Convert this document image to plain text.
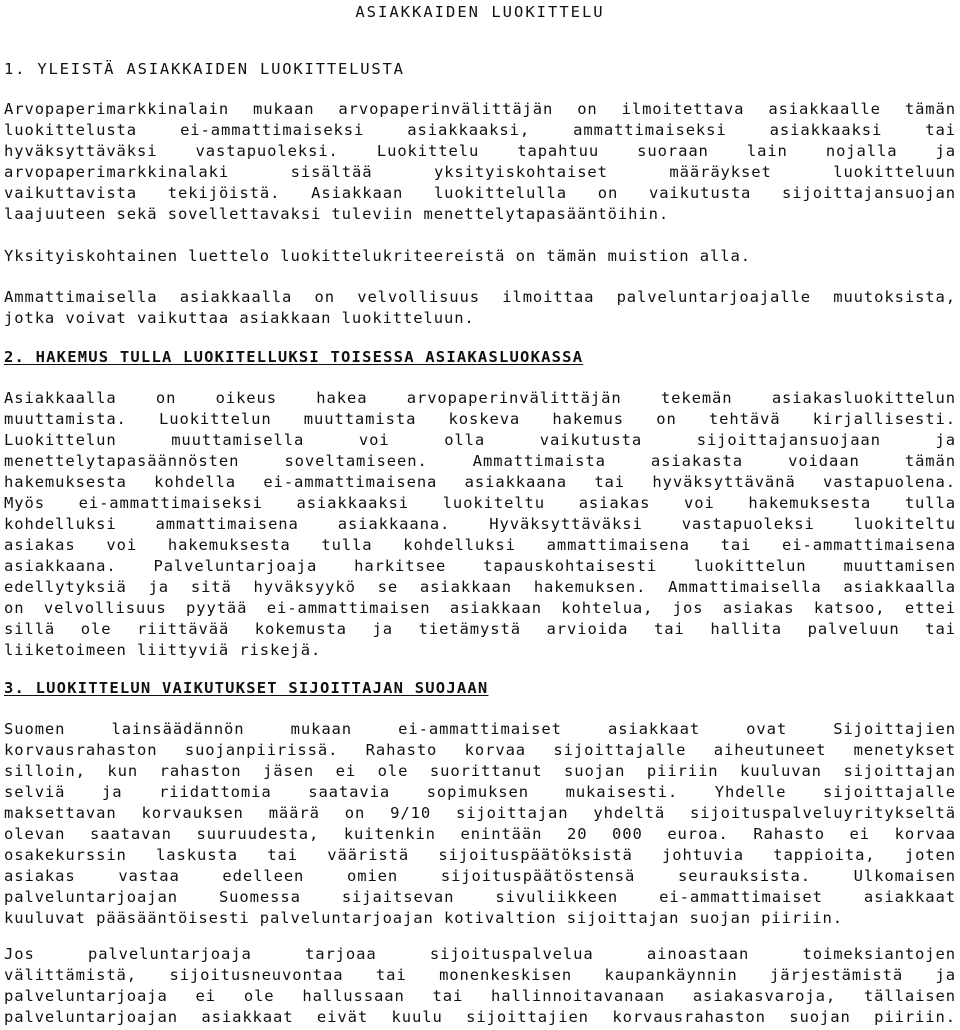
ASIAKKAIDEN LUOKITTELU
1. YLEISTÄ ASIAKKAIDEN LUOKITTELUSTA
Arvopaperimarkkinalain mukaan arvopaperinvälittäjän on ilmoitettava asiakkaalle tämän
luokittelusta ei-ammattimaiseksi asiakkaaksi, ammattimaiseksi asiakkaaksi tai
hyväksyttäväksi vastapuoleksi. Luokittelu tapahtuu suoraan lain nojalla ja
arvopaperimarkkinalaki sisältää yksityiskohtaiset määräykset luokitteluun
vaikuttavista tekijöistä. Asiakkaan luokittelulla on vaikutusta sijoittajansuojan
laajuuteen sekä sovellettavaksi tuleviin menettelytapasääntöihin.
Yksityiskohtainen luettelo luokittelukriteereistä on tämän muistion alla.
Ammattimaisella asiakkaalla on velvollisuus ilmoittaa palveluntarjoajalle muutoksista,
jotka voivat vaikuttaa asiakkaan luokitteluun.
2. HAKEMUS TULLA LUOKITELLUKSI TOISESSA ASIAKASLUOKASSA
Asiakkaalla on oikeus hakea arvopaperinvälittäjän tekemän asiakasluokittelun
muuttamista. Luokittelun muuttamista koskeva hakemus on tehtävä kirjallisesti.
Luokittelun muuttamisella voi olla vaikutusta sijoittajansuojaan ja
menettelytapasäännösten soveltamiseen. Ammattimaista asiakasta voidaan tämän
hakemuksesta kohdella ei-ammattimaisena asiakkaana tai hyväksyttävänä vastapuolena.
Myös ei-ammattimaiseksi asiakkaaksi luokiteltu asiakas voi hakemuksesta tulla
kohdelluksi ammattimaisena asiakkaana. Hyväksyttäväksi vastapuoleksi luokiteltu
asiakas voi hakemuksesta tulla kohdelluksi ammattimaisena tai ei-ammattimaisena
asiakkaana. Palveluntarjoaja harkitsee tapauskohtaisesti luokittelun muuttamisen
edellytyksiä ja sitä hyväksyykö se asiakkaan hakemuksen. Ammattimaisella asiakkaalla
on velvollisuus pyytää ei-ammattimaisen asiakkaan kohtelua, jos asiakas katsoo, ettei
sillä ole riittävää kokemusta ja tietämystä arvioida tai hallita palveluun tai
liiketoimeen liittyviä riskejä.
3. LUOKITTELUN VAIKUTUKSET SIJOITTAJAN SUOJAAN
Suomen lainsäädännön mukaan ei-ammattimaiset asiakkaat ovat Sijoittajien
korvausrahaston suojanpiirissä. Rahasto korvaa sijoittajalle aiheutuneet menetykset
silloin, kun rahaston jäsen ei ole suorittanut suojan piiriin kuuluvan sijoittajan
selviä ja riidattomia saatavia sopimuksen mukaisesti. Yhdelle sijoittajalle
maksettavan korvauksen määrä on 9/10 sijoittajan yhdeltä sijoituspalveluyritykseltä
olevan saatavan suuruudesta, kuitenkin enintään 20 000 euroa. Rahasto ei korvaa
osakekurssin laskusta tai vääristä sijoituspäätöksistä johtuvia tappioita, joten
asiakas vastaa edelleen omien sijoituspäätöstensä seurauksista. Ulkomaisen
palveluntarjoajan Suomessa sijaitsevan sivuliikkeen ei-ammattimaiset asiakkaat
kuuluvat pääsääntöisesti palveluntarjoajan kotivaltion sijoittajan suojan piiriin.
Jos palveluntarjoaja tarjoaa sijoituspalvelua ainoastaan toimeksiantojen
välittämistä, sijoitusneuvontaa tai monenkeskisen kaupankäynnin järjestämistä ja
palveluntarjoaja ei ole hallussaan tai hallinnoitavanaan asiakasvaroja, tällaisen
palveluntarjoajan asiakkaat eivät kuulu sijoittajien korvausrahaston suojan piiriin.
